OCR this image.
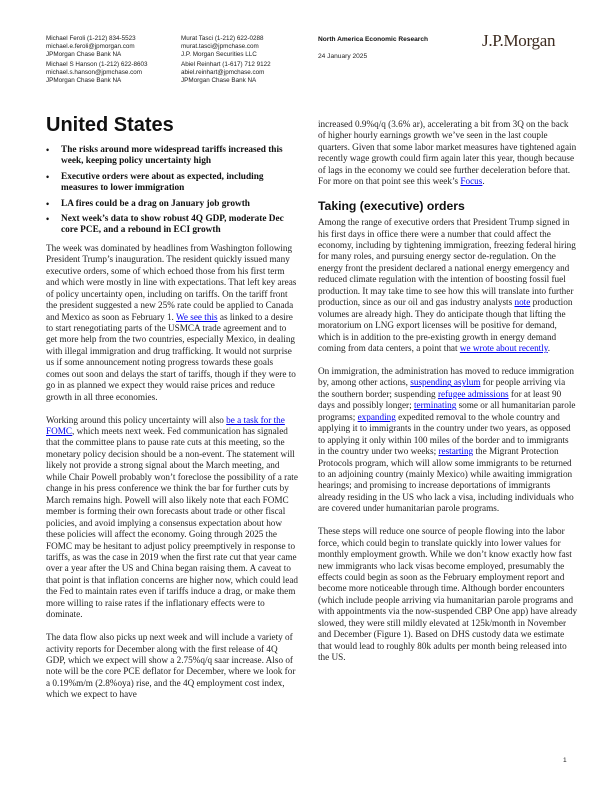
Michael Feroli (1-212) 834-5523
michael.e.feroli@jpmorgan.com
JPMorgan Chase Bank NA
Michael S Hanson (1-212) 622-8603
michael.s.hanson@jpmchase.com
JPMorgan Chase Bank NA
Murat Tasci (1-212) 622-0288
murat.tasci@jpmchase.com
J.P. Morgan Securities LLC
Abiel Reinhart (1-617) 712 9122
abiel.reinhart@jpmchase.com
JPMorgan Chase Bank NA
North America Economic Research
24 January 2025
J.P.Morgan
United States
• The risks around more widespread tariffs increased this week, keeping policy uncertainty high
• Executive orders were about as expected, including measures to lower immigration
• LA fires could be a drag on January job growth
• Next week’s data to show robust 4Q GDP, moderate Dec core PCE, and a rebound in ECI growth

The week was dominated by headlines from Washington following President Trump’s inauguration. The resident quickly issued many executive orders, some of which echoed those from his first term and which were mostly in line with expectations. That left key areas of policy uncertainty open, including on tariffs. On the tariff front the president suggested a new 25% rate could be applied to Canada and Mexico as soon as February 1. We see this as linked to a desire to start renegotiating parts of the USMCA trade agreement and to get more help from the two countries, especially Mexico, in dealing with illegal immigration and drug trafficking. It would not surprise us if some announcement noting progress towards these goals comes out soon and delays the start of tariffs, though if they were to go in as planned we expect they would raise prices and reduce growth in all three economies.

Working around this policy uncertainty will also be a task for the FOMC, which meets next week. Fed communication has signaled that the committee plans to pause rate cuts at this meeting, so the monetary policy decision should be a non-event. The statement will likely not provide a strong signal about the March meeting, and while Chair Powell probably won’t foreclose the possibility of a rate change in his press conference we think the bar for further cuts by March remains high. Powell will also likely note that each FOMC member is forming their own forecasts about trade or other fiscal policies, and avoid implying a consensus expectation about how these policies will affect the economy. Going through 2025 the FOMC may be hesitant to adjust policy preemptively in response to tariffs, as was the case in 2019 when the first rate cut that year came over a year after the US and China began raising them. A caveat to that point is that inflation concerns are higher now, which could lead the Fed to maintain rates even if tariffs induce a drag, or make them more willing to raise rates if the inflationary effects were to dominate.

The data flow also picks up next week and will include a variety of activity reports for December along with the first release of 4Q GDP, which we expect will show a 2.75%q/q saar increase. Also of note will be the core PCE deflator for December, where we look for a 0.19%m/m (2.8%oya) rise, and the 4Q employment cost index, which we expect to have

increased 0.9%q/q (3.6% ar), accelerating a bit from 3Q on the back of higher hourly earnings growth we’ve seen in the last couple quarters. Given that some labor market measures have tightened again recently wage growth could firm again later this year, though because of lags in the economy we could see further deceleration before that. For more on that point see this week’s Focus.

Taking (executive) orders

Among the range of executive orders that President Trump signed in his first days in office there were a number that could affect the economy, including by tightening immigration, freezing federal hiring for many roles, and pursuing energy sector de-regulation. On the energy front the president declared a national energy emergency and reduced climate regulation with the intention of boosting fossil fuel production. It may take time to see how this will translate into further production, since as our oil and gas industry analysts note production volumes are already high. They do anticipate though that lifting the moratorium on LNG export licenses will be positive for demand, which is in addition to the pre-existing growth in energy demand coming from data centers, a point that we wrote about recently.

On immigration, the administration has moved to reduce immigration by, among other actions, suspending asylum for people arriving via the southern border; suspending refugee admissions for at least 90 days and possibly longer; terminating some or all humanitarian parole programs; expanding expedited removal to the whole country and applying it to immigrants in the country under two years, as opposed to applying it only within 100 miles of the border and to immigrants in the country under two weeks; restarting the Migrant Protection Protocols program, which will allow some immigrants to be returned to an adjoining country (mainly Mexico) while awaiting immigration hearings; and promising to increase deportations of immigrants already residing in the US who lack a visa, including individuals who are covered under humanitarian parole programs.

These steps will reduce one source of people flowing into the labor force, which could begin to translate quickly into lower values for monthly employment growth. While we don’t know exactly how fast new immigrants who lack visas become employed, presumably the effects could begin as soon as the February employment report and become more noticeable through time. Although border encounters (which include people arriving via humanitarian parole programs and with appointments via the now-suspended CBP One app) have already slowed, they were still mildly elevated at 125k/month in November and December (Figure 1). Based on DHS custody data we estimate that would lead to roughly 80k adults per month being released into the US.

1
